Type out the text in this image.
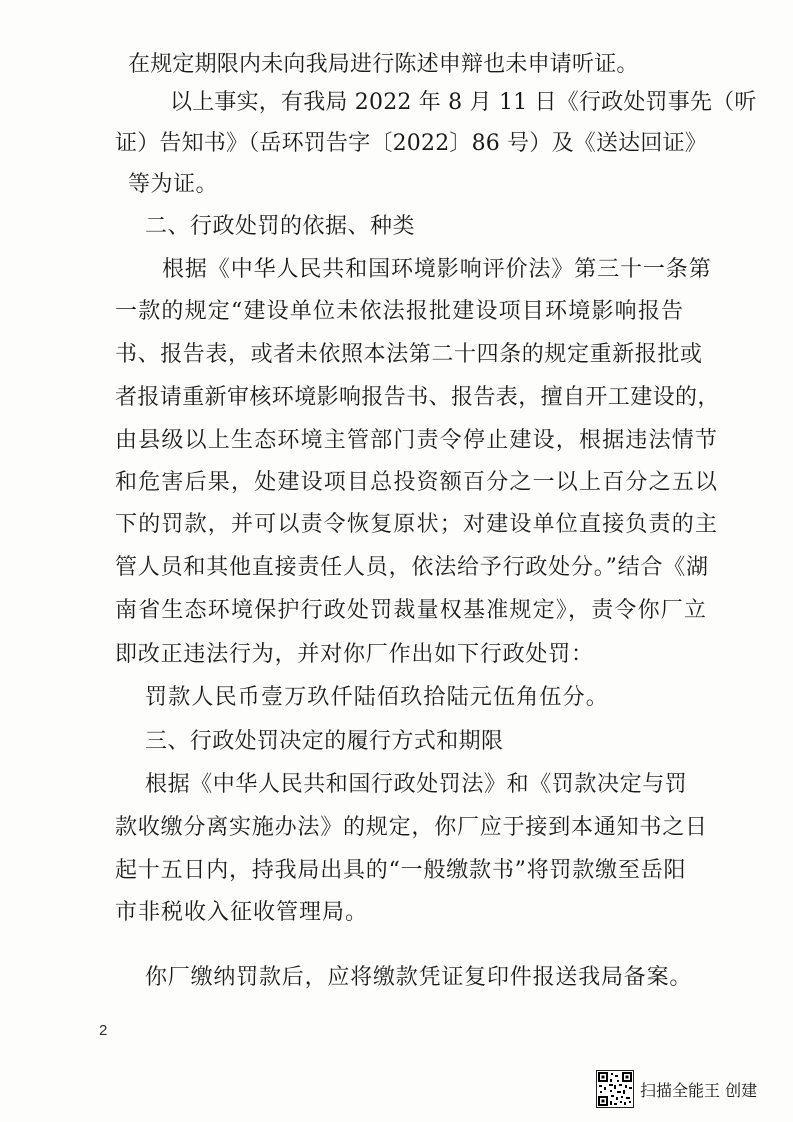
在规定期限内未向我局进行陈述申辩也未申请听证。
以上事实，有我局 2022 年 8 月 11 日《行政处罚事先（听
证）告知书》（岳环罚告字〔2022〕86 号）及《送达回证》
等为证。
二、行政处罚的依据、种类
根据《中华人民共和国环境影响评价法》第三十一条第
一款的规定“建设单位未依法报批建设项目环境影响报告
书、报告表，或者未依照本法第二十四条的规定重新报批或
者报请重新审核环境影响报告书、报告表，擅自开工建设的，
由县级以上生态环境主管部门责令停止建设，根据违法情节
和危害后果，处建设项目总投资额百分之一以上百分之五以
下的罚款，并可以责令恢复原状；对建设单位直接负责的主
管人员和其他直接责任人员，依法给予行政处分。”结合《湖
南省生态环境保护行政处罚裁量权基准规定》，责令你厂立
即改正违法行为，并对你厂作出如下行政处罚：
罚款人民币壹万玖仟陆佰玖拾陆元伍角伍分。
三、行政处罚决定的履行方式和期限
根据《中华人民共和国行政处罚法》和《罚款决定与罚
款收缴分离实施办法》的规定，你厂应于接到本通知书之日
起十五日内，持我局出具的“一般缴款书”将罚款缴至岳阳
市非税收入征收管理局。
你厂缴纳罚款后，应将缴款凭证复印件报送我局备案。
2
扫描全能王 创建
